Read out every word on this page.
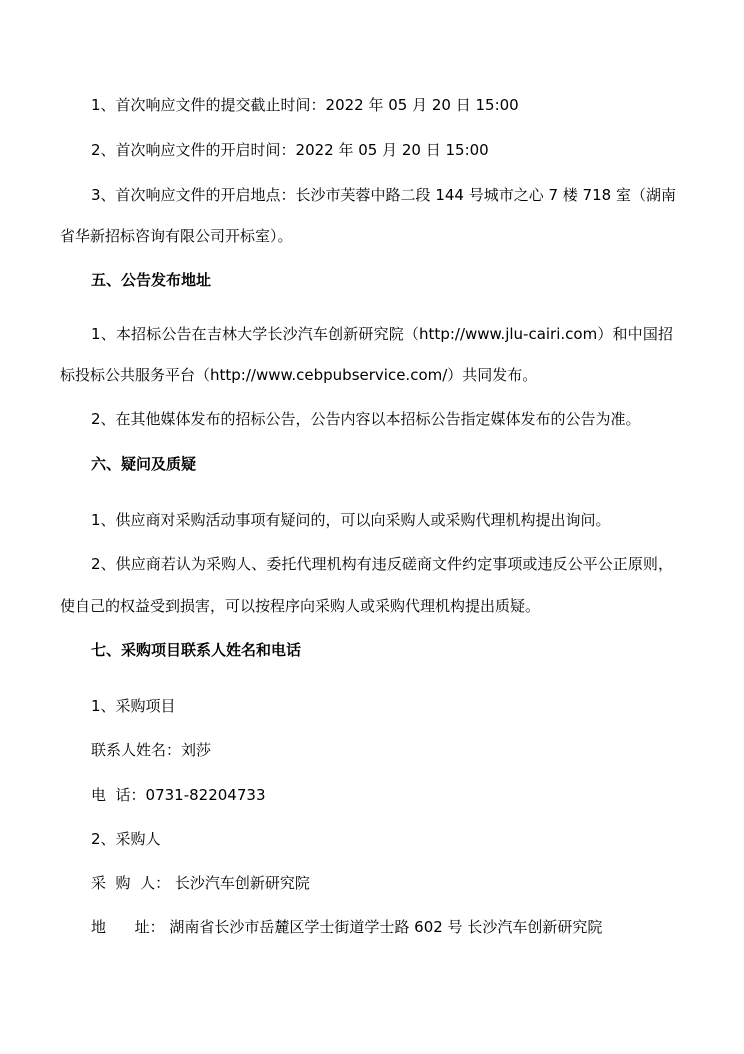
1、首次响应文件的提交截止时间：2022 年 05 月 20 日 15:00
2、首次响应文件的开启时间：2022 年 05 月 20 日 15:00
3、首次响应文件的开启地点：长沙市芙蓉中路二段 144 号城市之心 7 楼 718 室（湖南
省华新招标咨询有限公司开标室）。
五、公告发布地址
1、本招标公告在吉林大学长沙汽车创新研究院（http://www.jlu-cairi.com）和中国招
标投标公共服务平台（http://www.cebpubservice.com/）共同发布。
2、在其他媒体发布的招标公告，公告内容以本招标公告指定媒体发布的公告为准。
六、疑问及质疑
1、供应商对采购活动事项有疑问的，可以向采购人或采购代理机构提出询问。
2、供应商若认为采购人、委托代理机构有违反磋商文件约定事项或违反公平公正原则，
使自己的权益受到损害，可以按程序向采购人或采购代理机构提出质疑。
七、采购项目联系人姓名和电话
1、采购项目
联系人姓名：刘莎
电  话：0731-82204733
2、采购人
采  购  人： 长沙汽车创新研究院
地      址： 湖南省长沙市岳麓区学士街道学士路 602 号 长沙汽车创新研究院
